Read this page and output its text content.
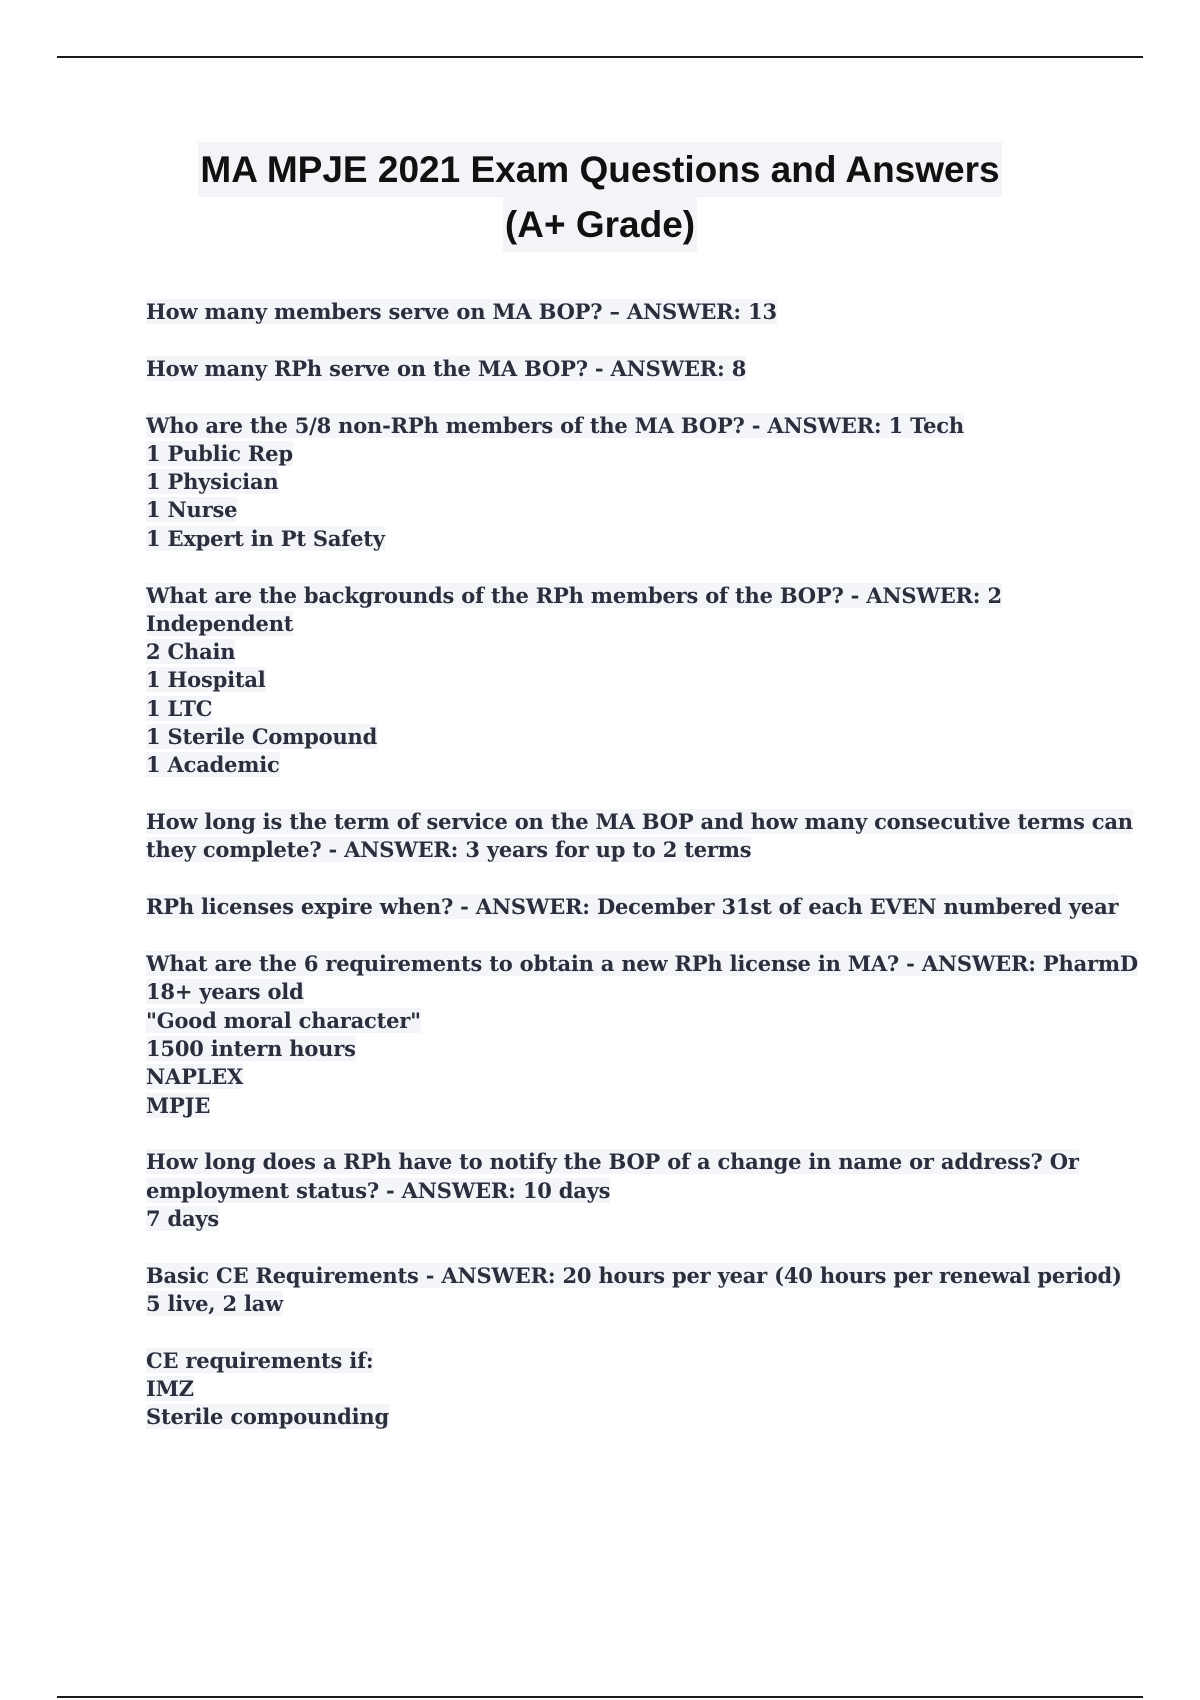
MA MPJE 2021 Exam Questions and Answers
(A+ Grade)
How many members serve on MA BOP? – ANSWER: 13
How many RPh serve on the MA BOP? - ANSWER: 8
Who are the 5/8 non-RPh members of the MA BOP? - ANSWER: 1 Tech
1 Public Rep
1 Physician
1 Nurse
1 Expert in Pt Safety
What are the backgrounds of the RPh members of the BOP? - ANSWER: 2
Independent
2 Chain
1 Hospital
1 LTC
1 Sterile Compound
1 Academic
How long is the term of service on the MA BOP and how many consecutive terms can
they complete? - ANSWER: 3 years for up to 2 terms
RPh licenses expire when? - ANSWER: December 31st of each EVEN numbered year
What are the 6 requirements to obtain a new RPh license in MA? - ANSWER: PharmD
18+ years old
"Good moral character"
1500 intern hours
NAPLEX
MPJE
How long does a RPh have to notify the BOP of a change in name or address? Or
employment status? - ANSWER: 10 days
7 days
Basic CE Requirements - ANSWER: 20 hours per year (40 hours per renewal period)
5 live, 2 law
CE requirements if:
IMZ
Sterile compounding
